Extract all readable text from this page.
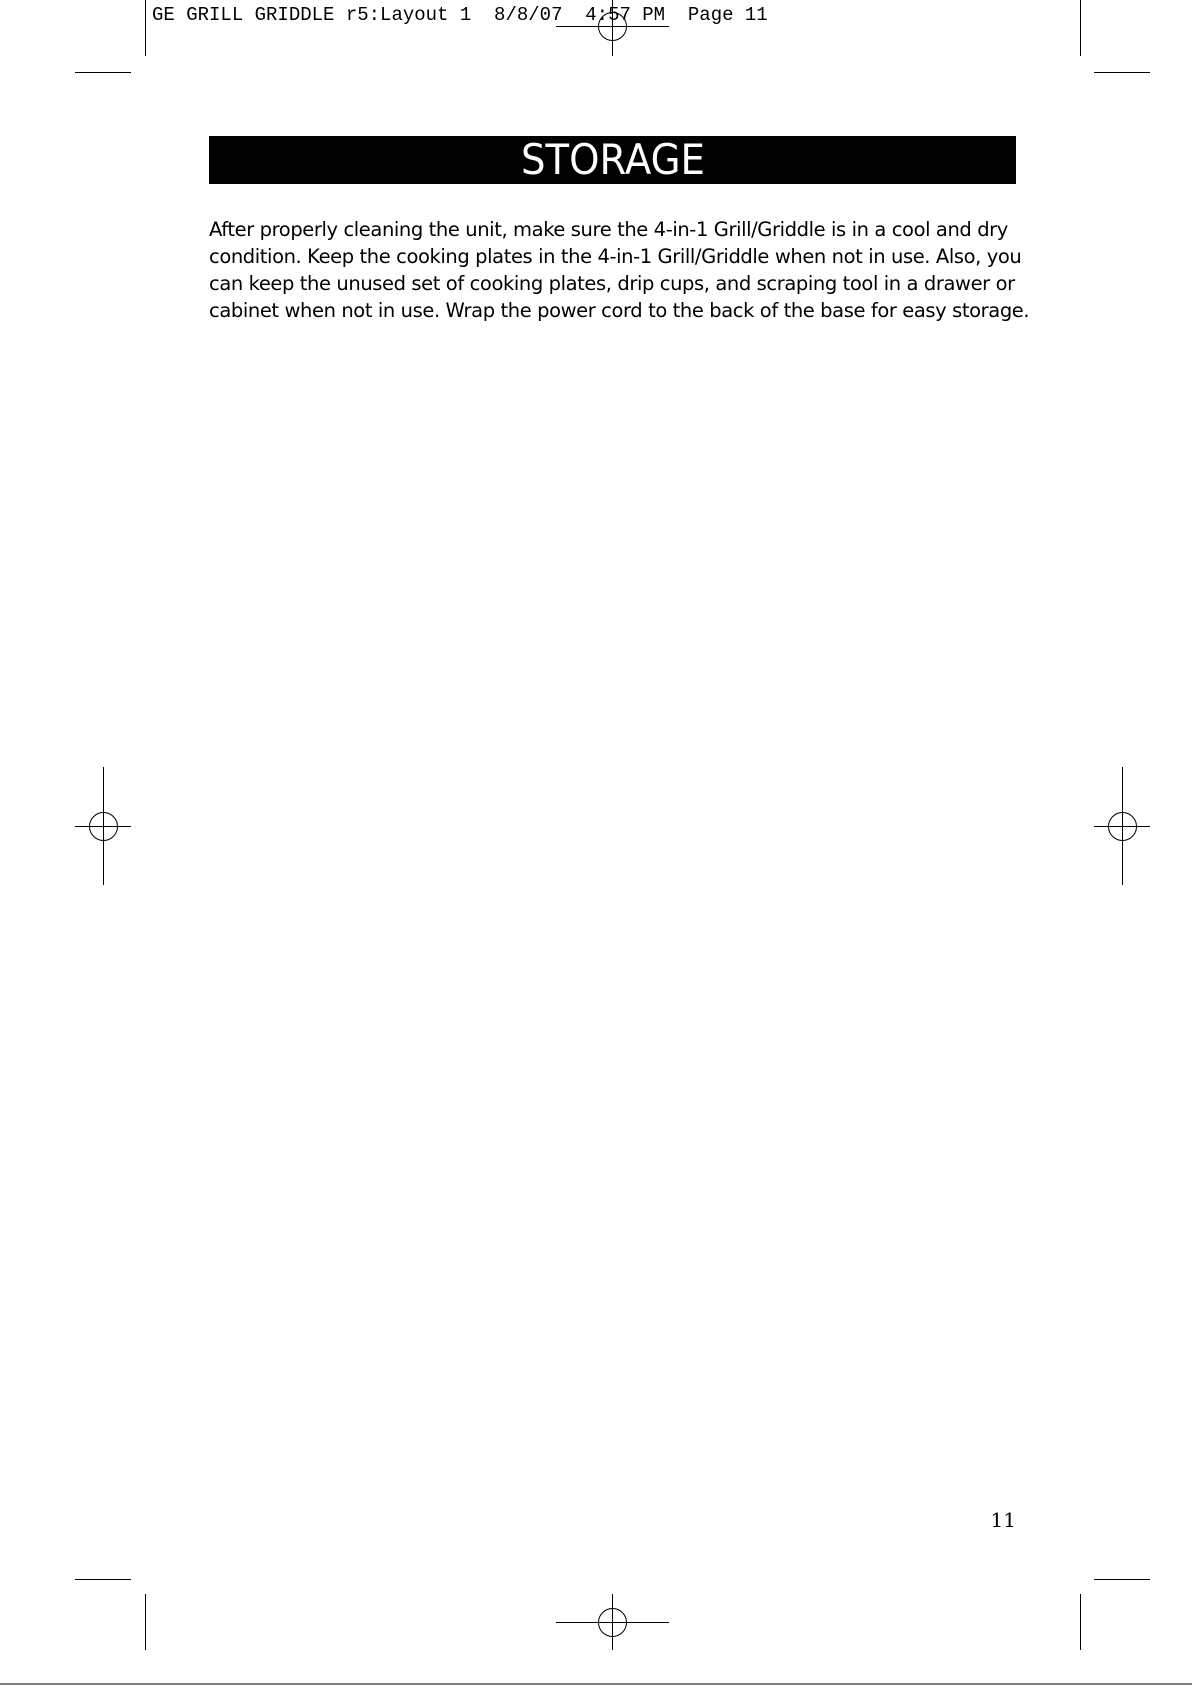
GE GRILL GRIDDLE r5:Layout 1  8/8/07  4:57 PM  Page 11
STORAGE

After properly cleaning the unit, make sure the 4-in-1 Grill/Griddle is in a cool and dry

condition. Keep the cooking plates in the 4-in-1 Grill/Griddle when not in use. Also, you

can keep the unused set of cooking plates, drip cups, and scraping tool in a drawer or

cabinet when not in use. Wrap the power cord to the back of the base for easy storage.

11
